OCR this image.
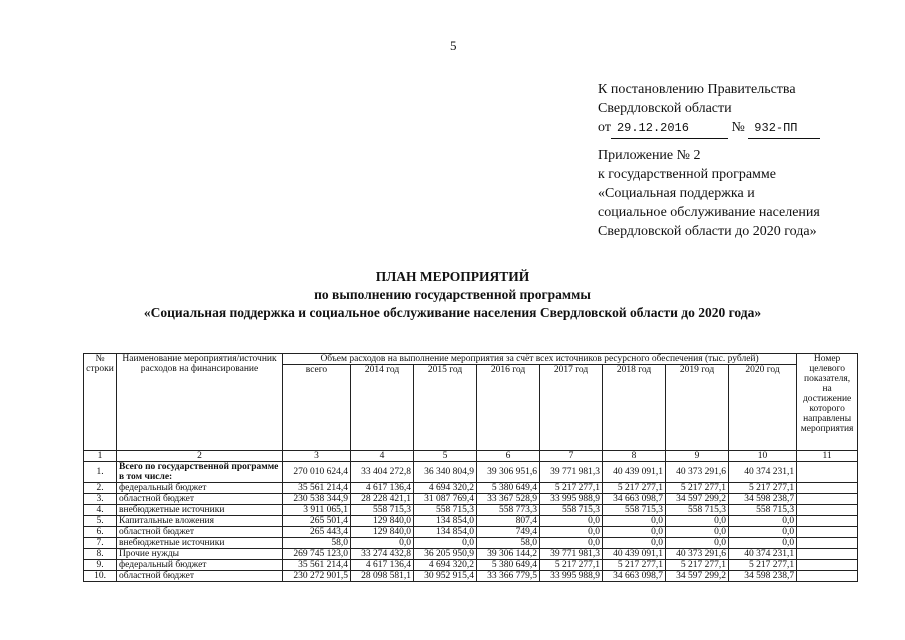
5
К постановлению Правительства
Свердловской области
от 29.12.2016	№ 932-ПП
Приложение № 2
к государственной программе
«Социальная поддержка и
социальное обслуживание населения
Свердловской области до 2020 года»
ПЛАН МЕРОПРИЯТИЙ
по выполнению государственной программы
«Социальная поддержка и социальное обслуживание населения Свердловской области до 2020 года»
№ строки	Наименование мероприятия/источник расходов на финансирование	Объем расходов на выполнение мероприятия за счёт всех источников ресурсного обеспечения (тыс. рублей)								Номер целевого показателя, на достижение которого направлены мероприятия
		всего	2014 год	2015 год	2016 год	2017 год	2018 год	2019 год	2020 год	
1	2	3	4	5	6	7	8	9	10	11
1.	Всего по государственной программе в том числе:	270 010 624,4	33 404 272,8	36 340 804,9	39 306 951,6	39 771 981,3	40 439 091,1	40 373 291,6	40 374 231,1	
2.	федеральный бюджет	35 561 214,4	4 617 136,4	4 694 320,2	5 380 649,4	5 217 277,1	5 217 277,1	5 217 277,1	5 217 277,1	
3.	областной бюджет	230 538 344,9	28 228 421,1	31 087 769,4	33 367 528,9	33 995 988,9	34 663 098,7	34 597 299,2	34 598 238,7	
4.	внебюджетные источники	3 911 065,1	558 715,3	558 715,3	558 773,3	558 715,3	558 715,3	558 715,3	558 715,3	
5.	Капитальные вложения	265 501,4	129 840,0	134 854,0	807,4	0,0	0,0	0,0	0,0	
6.	областной бюджет	265 443,4	129 840,0	134 854,0	749,4	0,0	0,0	0,0	0,0	
7.	внебюджетные источники	58,0	0,0	0,0	58,0	0,0	0,0	0,0	0,0	
8.	Прочие нужды	269 745 123,0	33 274 432,8	36 205 950,9	39 306 144,2	39 771 981,3	40 439 091,1	40 373 291,6	40 374 231,1	
9.	федеральный бюджет	35 561 214,4	4 617 136,4	4 694 320,2	5 380 649,4	5 217 277,1	5 217 277,1	5 217 277,1	5 217 277,1	
10.	областной бюджет	230 272 901,5	28 098 581,1	30 952 915,4	33 366 779,5	33 995 988,9	34 663 098,7	34 597 299,2	34 598 238,7	
